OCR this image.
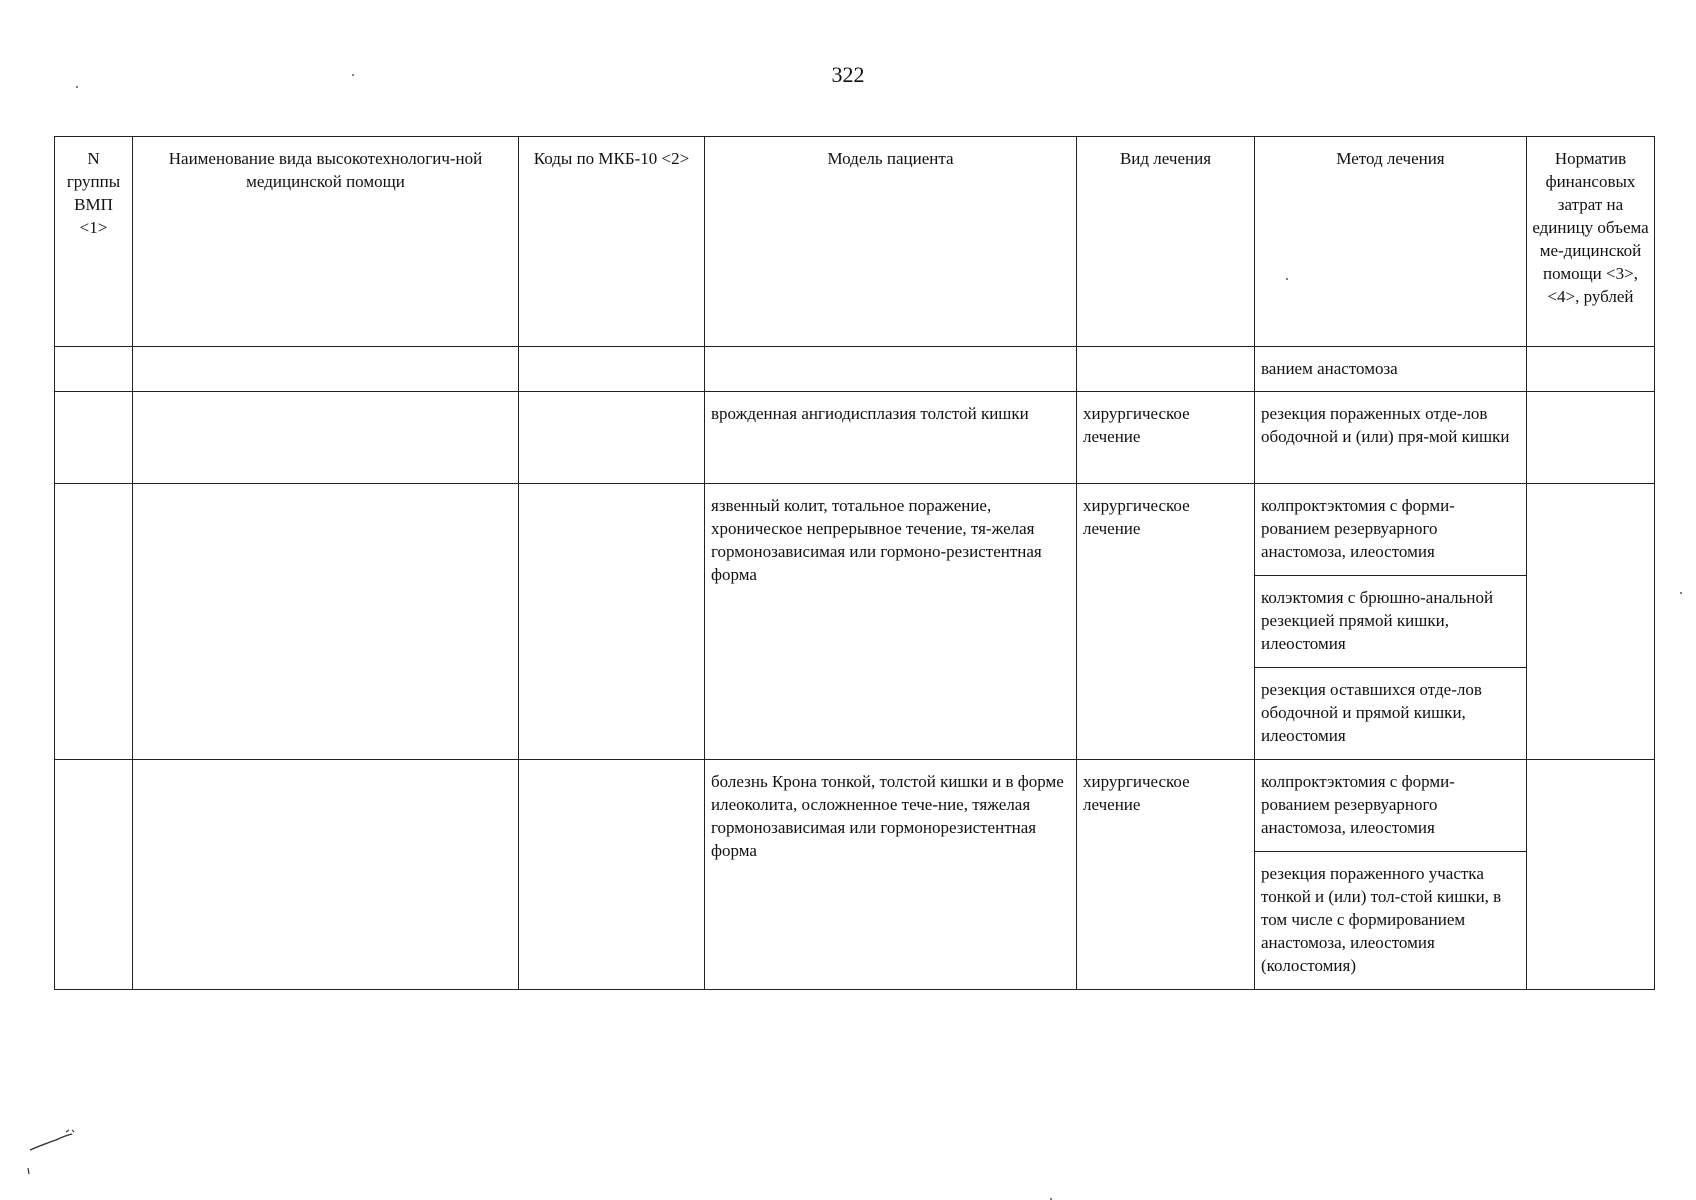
322
N группы ВМП <1>	Наименование вида высокотехнологич-ной медицинской помощи	Коды по МКБ-10 <2>	Модель пациента	Вид лечения	Метод лечения	Норматив финансовых затрат на единицу объема ме-дицинской помощи <3>, <4>, рублей
					ванием анастомоза	
			врожденная ангиодисплазия толстой кишки	хирургическое лечение	резекция пораженных отде-лов ободочной и (или) пря-мой кишки	
			язвенный колит, тотальное поражение, хроническое непрерывное течение, тя-желая гормонозависимая или гормоно-резистентная форма	хирургическое лечение	колпроктэктомия с форми-рованием резервуарного анастомоза, илеостомия	
					колэктомия с брюшно-анальной резекцией прямой кишки, илеостомия	
					резекция оставшихся отде-лов ободочной и прямой кишки, илеостомия	
			болезнь Крона тонкой, толстой кишки и в форме илеоколита, осложненное тече-ние, тяжелая гормонозависимая или гормонорезистентная форма	хирургическое лечение	колпроктэктомия с форми-рованием резервуарного анастомоза, илеостомия	
					резекция пораженного участка тонкой и (или) тол-стой кишки, в том числе с формированием анастомоза, илеостомия (колостомия)	
